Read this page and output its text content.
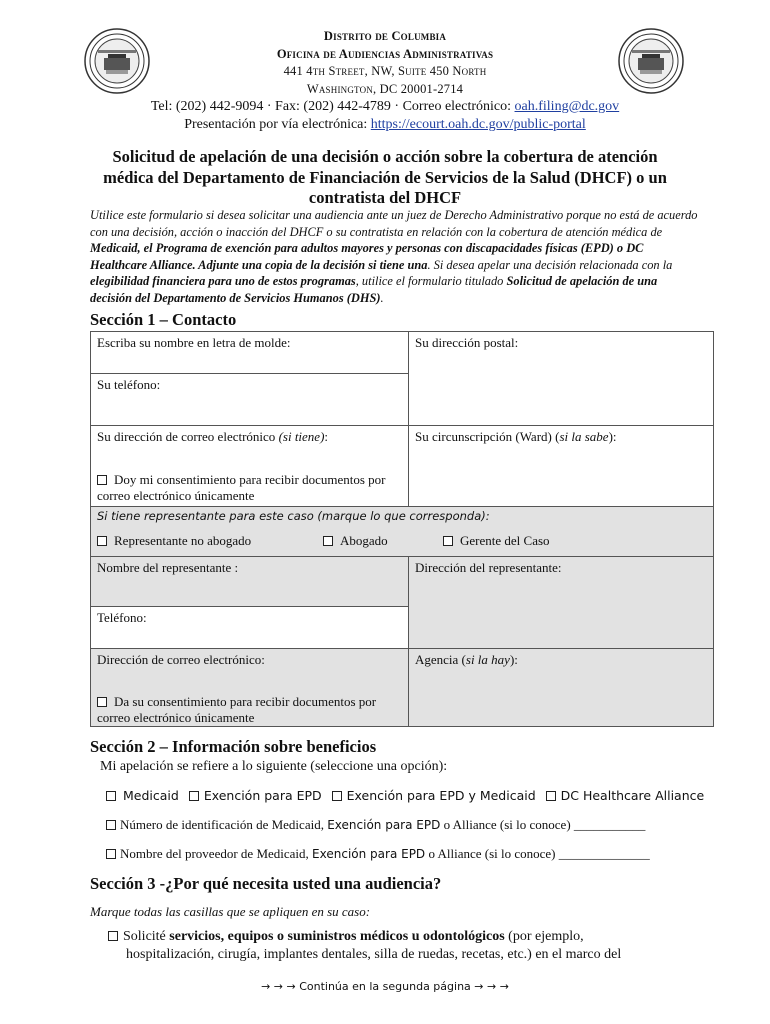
Distrito de Columbia
Oficina de Audiencias Administrativas
441 4th Street, NW, Suite 450 North
Washington, DC 20001-2714
Tel: (202) 442-9094 · Fax: (202) 442-4789 · Correo electrónico: oah.filing@dc.gov
Presentación por vía electrónica: https://ecourt.oah.dc.gov/public-portal
Solicitud de apelación de una decisión o acción sobre la cobertura de atención médica del Departamento de Financiación de Servicios de la Salud (DHCF) o un contratista del DHCF
Utilice este formulario si desea solicitar una audiencia ante un juez de Derecho Administrativo porque no está de acuerdo con una decisión, acción o inacción del DHCF o su contratista en relación con la cobertura de atención médica de Medicaid, el Programa de exención para adultos mayores y personas con discapacidades físicas (EPD) o DC Healthcare Alliance. Adjunte una copia de la decisión si tiene una. Si desea apelar una decisión relacionada con la elegibilidad financiera para uno de estos programas, utilice el formulario titulado Solicitud de apelación de una decisión del Departamento de Servicios Humanos (DHS).
Sección 1 – Contacto
Escriba su nombre en letra de molde:	Su dirección postal:
Su teléfono:
Su dirección de correo electrónico (si tiene):	Su circunscripción (Ward) (si la sabe):
Doy mi consentimiento para recibir documentos por correo electrónico únicamente
Si tiene representante para este caso (marque lo que corresponda):
Representante no abogado	Abogado	Gerente del Caso
Nombre del representante :	Dirección del representante:
Teléfono:
Dirección de correo electrónico:	Agencia (si la hay):
Da su consentimiento para recibir documentos por correo electrónico únicamente
Sección 2 – Información sobre beneficios
Mi apelación se refiere a lo siguiente (seleccione una opción):
Medicaid Exención para EPD Exención para EPD y Medicaid DC Healthcare Alliance
Número de identificación de Medicaid, Exención para EPD o Alliance (si lo conoce) ___________
Nombre del proveedor de Medicaid, Exención para EPD o Alliance (si lo conoce) ______________
Sección 3 -¿Por qué necesita usted una audiencia?
Marque todas las casillas que se apliquen en su caso:
Solicité servicios, equipos o suministros médicos u odontológicos (por ejemplo,
hospitalización, cirugía, implantes dentales, silla de ruedas, recetas, etc.) en el marco del
→ → → Continúa en la segunda página → → →
